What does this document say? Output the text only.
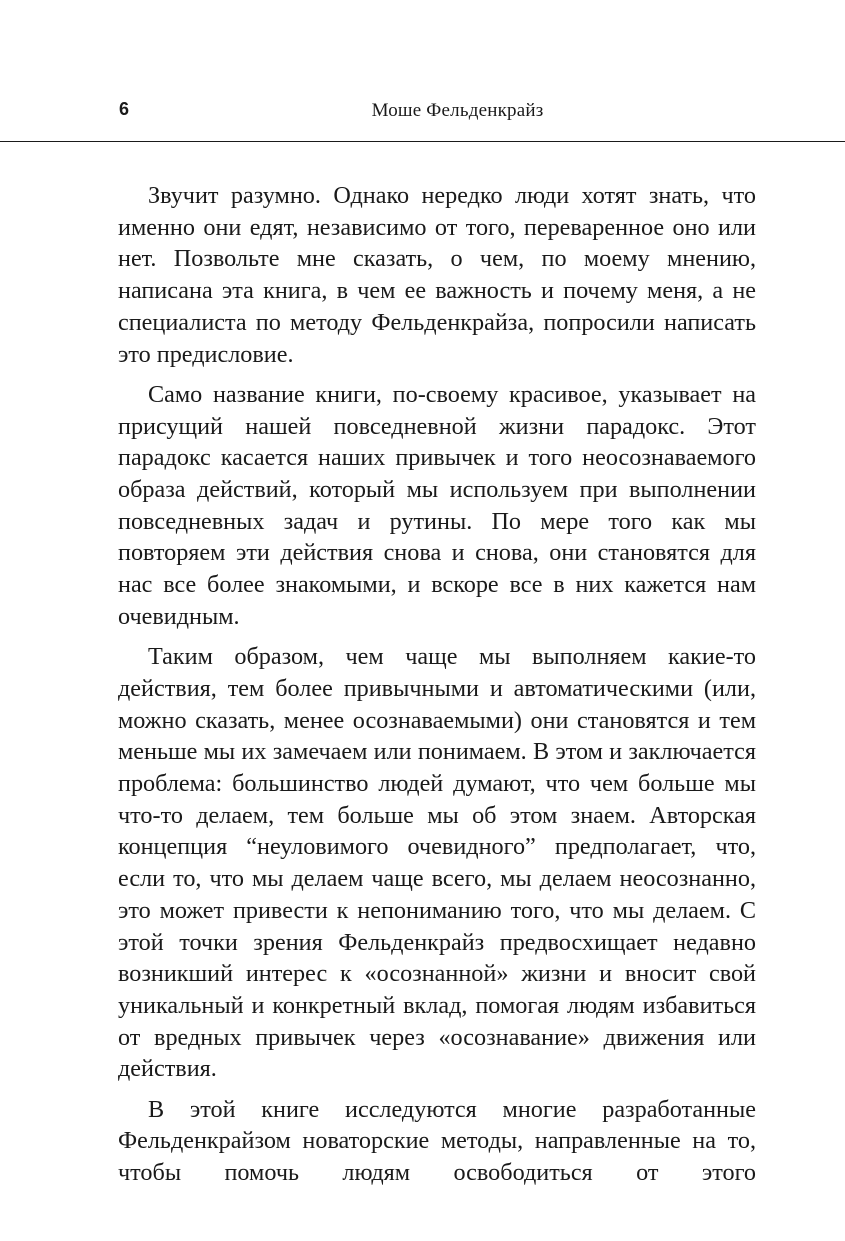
6	Моше Фельденкрайз

Звучит разумно. Однако нередко люди хотят знать, что именно они едят, независимо от того, переваренное оно или нет. Позвольте мне сказать, о чем, по моему мнению, написана эта книга, в чем ее важность и почему меня, а не специалиста по методу Фельденкрайза, попросили написать это предисловие.

Само название книги, по-своему красивое, указывает на присущий нашей повседневной жизни парадокс. Этот парадокс касается наших привычек и того неосознаваемого образа действий, который мы используем при выполнении повседневных задач и рутины. По мере того как мы повторяем эти действия снова и снова, они становятся для нас все более знакомыми, и вскоре все в них кажется нам очевидным.

Таким образом, чем чаще мы выполняем какие-то действия, тем более привычными и автоматическими (или, можно сказать, менее осознаваемыми) они становятся и тем меньше мы их замечаем или понимаем. В этом и заключается проблема: большинство людей думают, что чем больше мы что-то делаем, тем больше мы об этом знаем. Авторская концепция “неуловимого очевидного” предполагает, что, если то, что мы делаем чаще всего, мы делаем неосознанно, это может привести к непониманию того, что мы делаем. С этой точки зрения Фельденкрайз предвосхищает недавно возникший интерес к «осознанной» жизни и вносит свой уникальный и конкретный вклад, помогая людям избавиться от вредных привычек через «осознавание» движения или действия.

В этой книге исследуются многие разработанные Фельденкрайзом новаторские методы, направленные на то, чтобы помочь людям освободиться от этого
